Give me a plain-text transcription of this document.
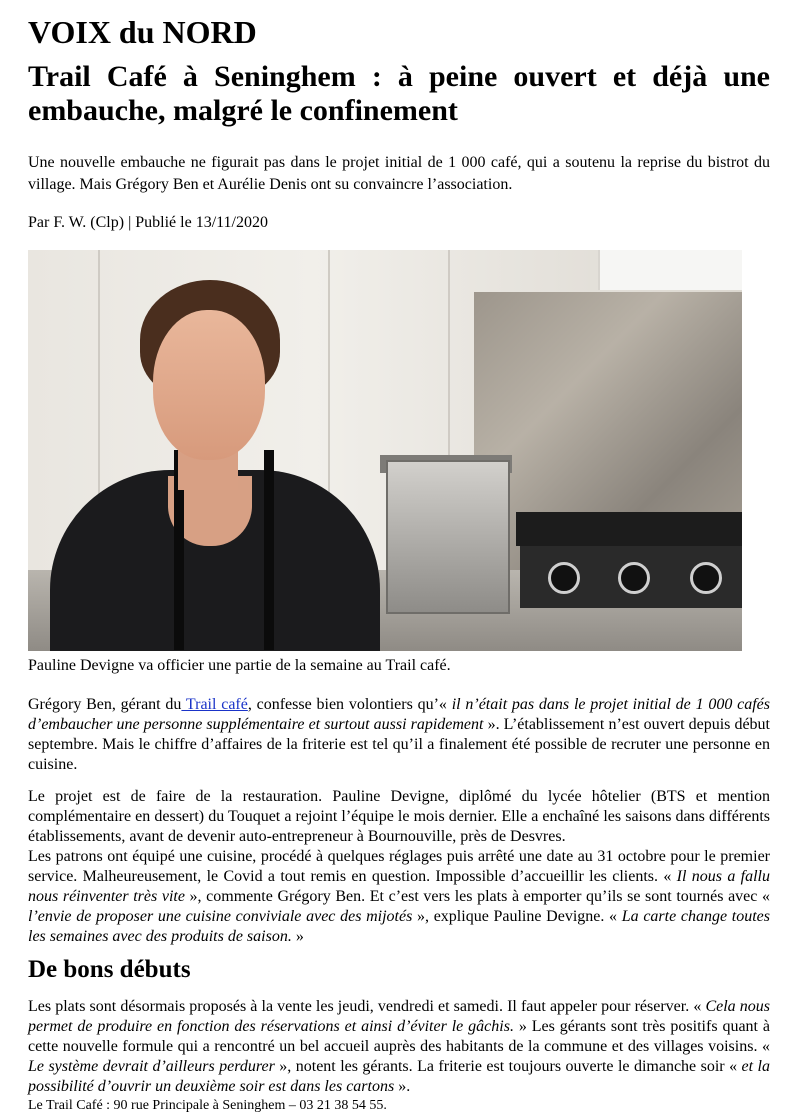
VOIX du NORD
Trail Café à Seninghem : à peine ouvert et déjà une embauche, malgré le confinement

Une nouvelle embauche ne figurait pas dans le projet initial de 1 000 café, qui a soutenu la reprise du bistrot du village. Mais Grégory Ben et Aurélie Denis ont su convaincre l’association.

Par F. W. (Clp) | Publié le 13/11/2020

Pauline Devigne va officier une partie de la semaine au Trail café.

Grégory Ben, gérant du Trail café, confesse bien volontiers qu’« il n’était pas dans le projet initial de 1 000 cafés d’embaucher une personne supplémentaire et surtout aussi rapidement ». L’établissement n’est ouvert depuis début septembre. Mais le chiffre d’affaires de la friterie est tel qu’il a finalement été possible de recruter une personne en cuisine.

Le projet est de faire de la restauration. Pauline Devigne, diplômé du lycée hôtelier (BTS et mention complémentaire en dessert) du Touquet a rejoint l’équipe le mois dernier. Elle a enchaîné les saisons dans différents établissements, avant de devenir auto-entrepreneur à Bournouville, près de Desvres.

Les patrons ont équipé une cuisine, procédé à quelques réglages puis arrêté une date au 31 octobre pour le premier service. Malheureusement, le Covid a tout remis en question. Impossible d’accueillir les clients. « Il nous a fallu nous réinventer très vite », commente Grégory Ben. Et c’est vers les plats à emporter qu’ils se sont tournés avec « l’envie de proposer une cuisine conviviale avec des mijotés », explique Pauline Devigne. « La carte change toutes les semaines avec des produits de saison. »

De bons débuts

Les plats sont désormais proposés à la vente les jeudi, vendredi et samedi. Il faut appeler pour réserver. « Cela nous permet de produire en fonction des réservations et ainsi d’éviter le gâchis. » Les gérants sont très positifs quant à cette nouvelle formule qui a rencontré un bel accueil auprès des habitants de la commune et des villages voisins. « Le système devrait d’ailleurs perdurer », notent les gérants. La friterie est toujours ouverte le dimanche soir « et la possibilité d’ouvrir un deuxième soir est dans les cartons ».

Le Trail Café : 90 rue Principale à Seninghem – 03 21 38 54 55.
